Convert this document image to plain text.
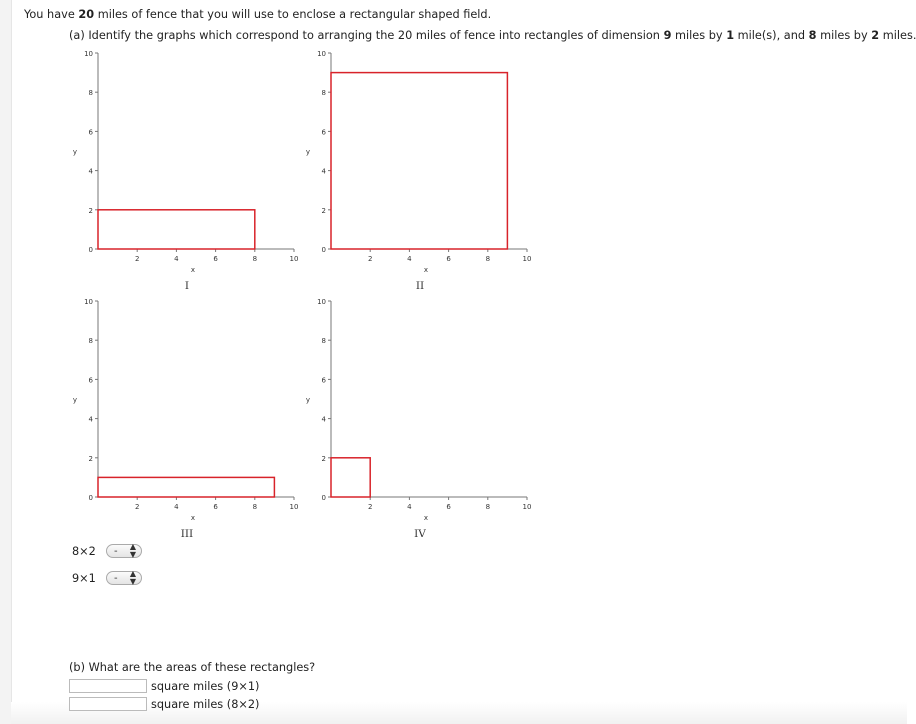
You have 20 miles of fence that you will use to enclose a rectangular shaped field.
(a) Identify the graphs which correspond to arranging the 20 miles of fence into rectangles of dimension 9 miles by 1 mile(s), and 8 miles by 2 miles.
0
2
4
6
8
10
2	4	6	8	10
x
y
I
0
2
4
6
8
10
2	4	6	8	10
x
y
II
0
2
4
6
8
10
2	4	6	8	10
x
y
III
0
2
4
6
8
10
2	4	6	8	10
x
y
IV
8×2	- ▲
▼
9×1	- ▲
▼
(b) What are the areas of these rectangles?
square miles (9×1)
square miles (8×2)
